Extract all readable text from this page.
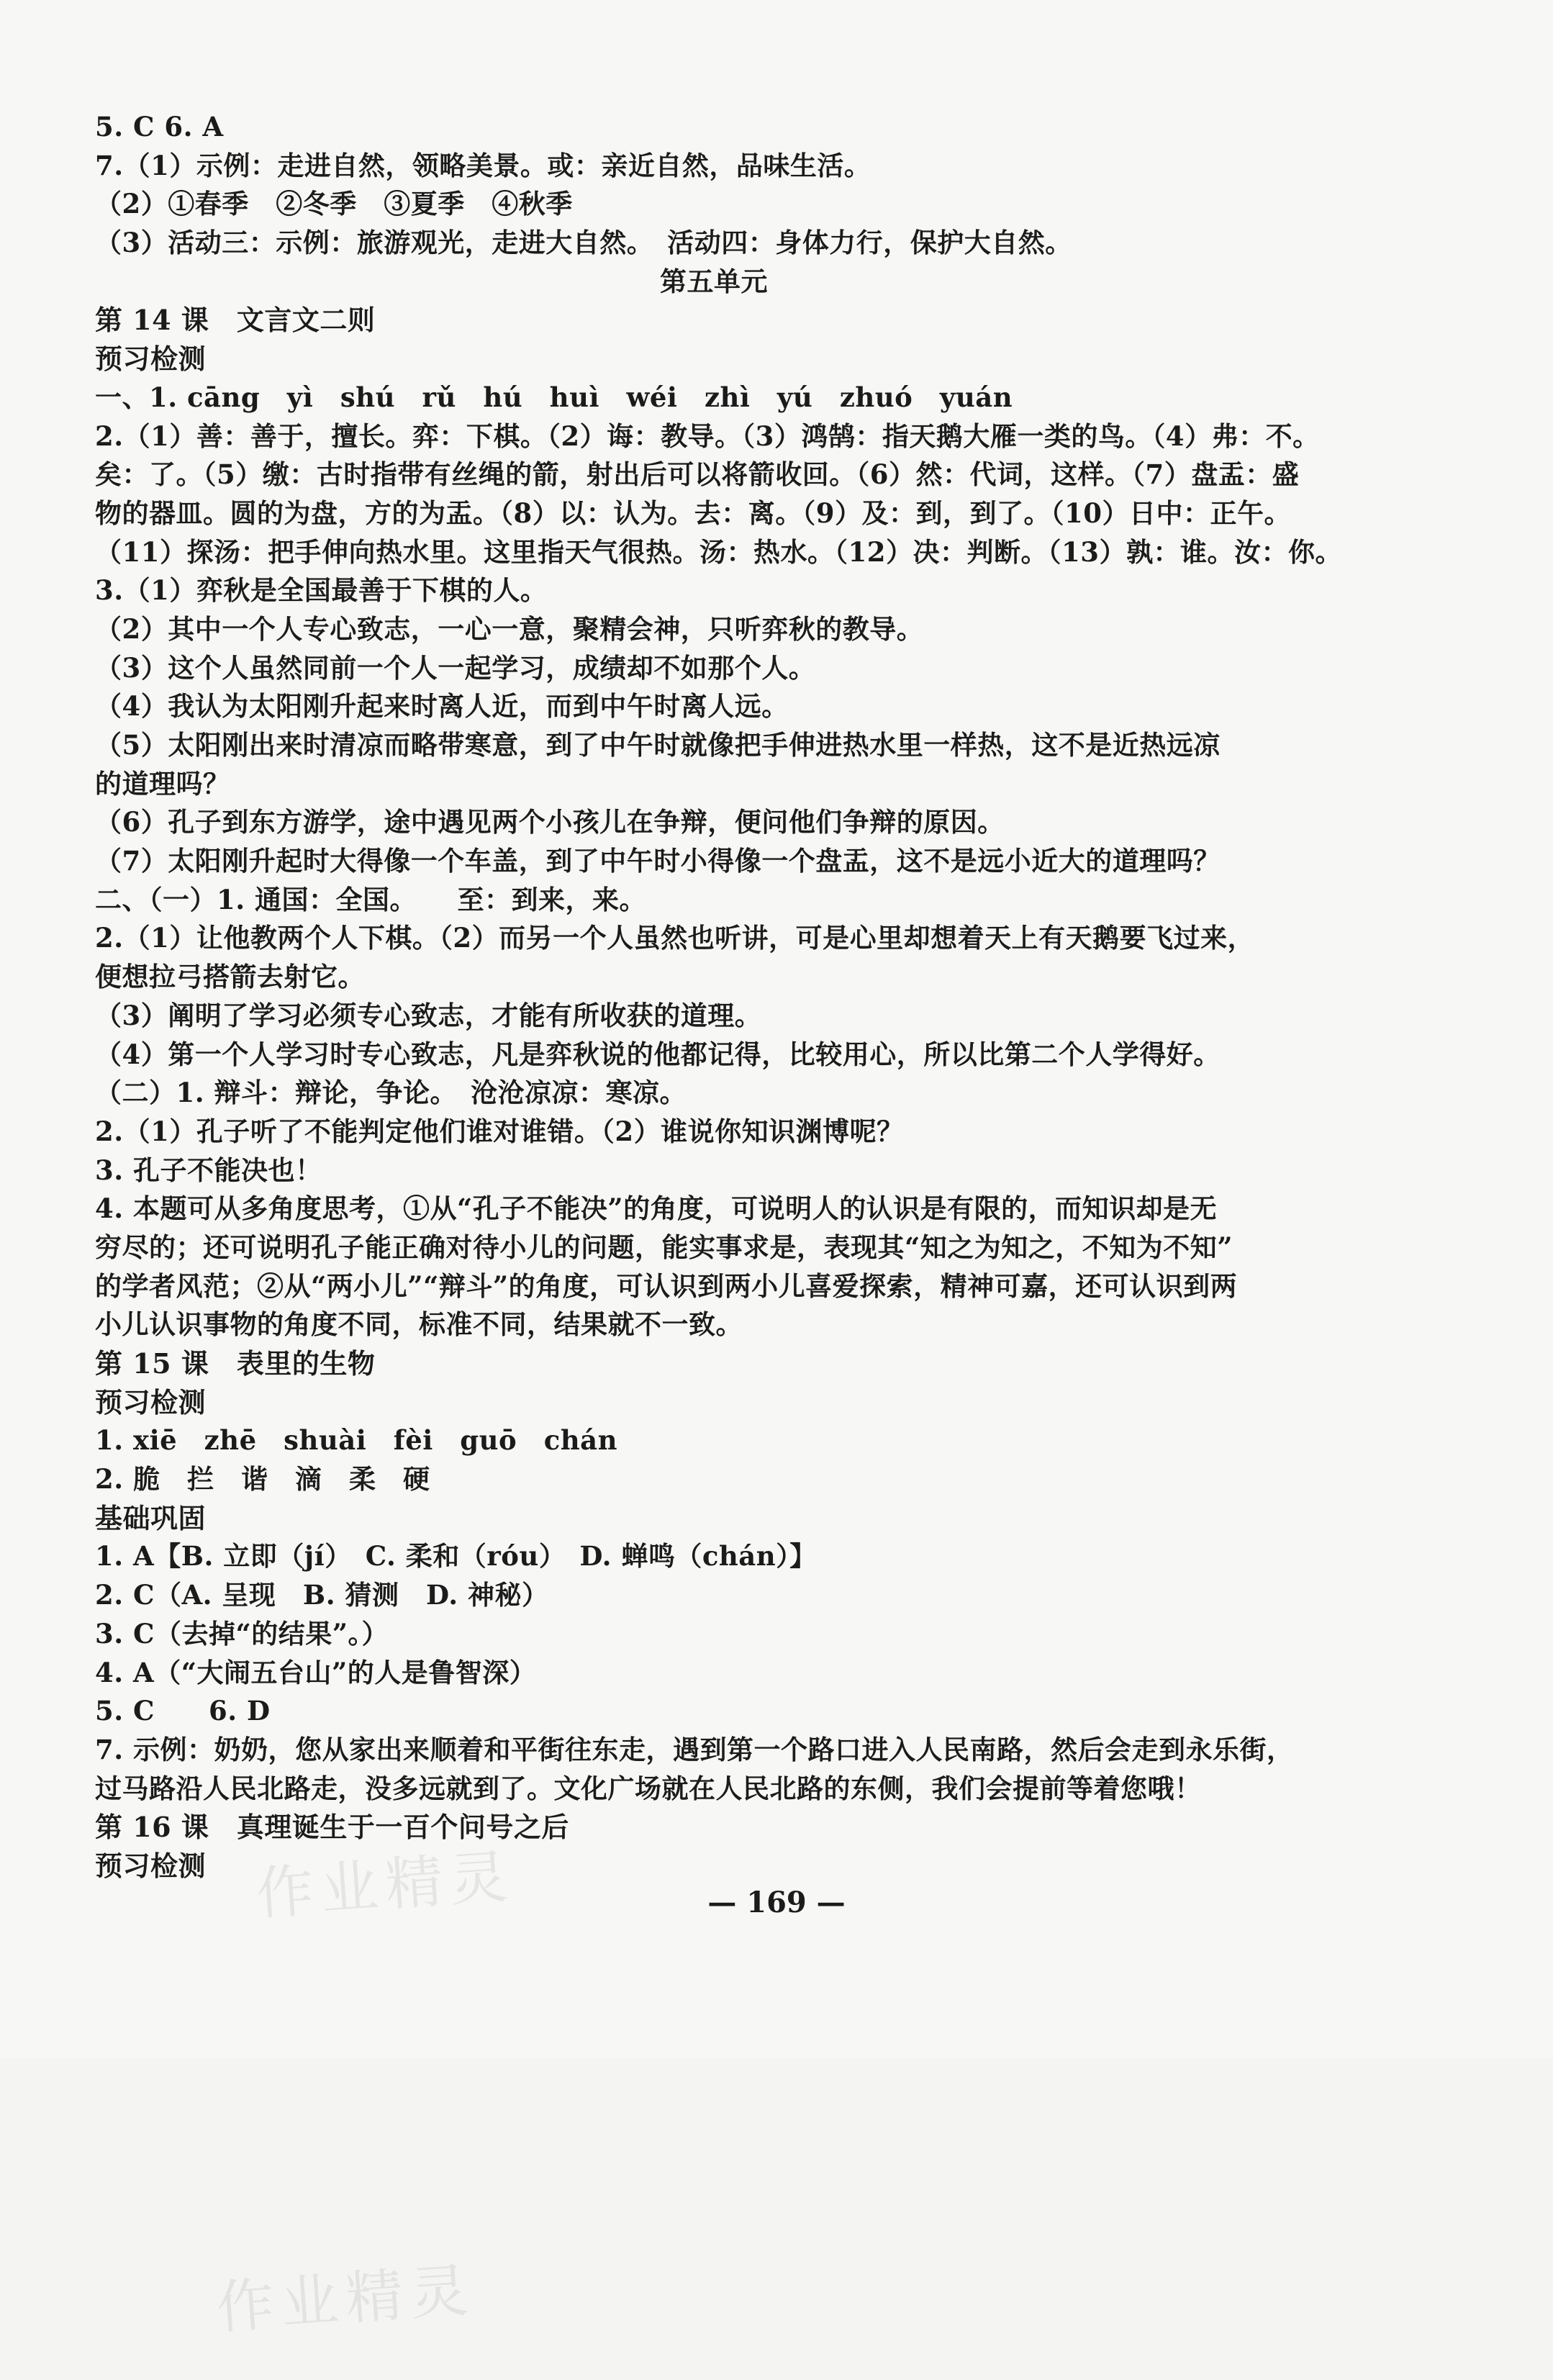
5. C 6. A
7.（1）示例：走进自然，领略美景。或：亲近自然，品味生活。
（2）①春季　②冬季　③夏季　④秋季
（3）活动三：示例：旅游观光，走进大自然。　活动四：身体力行，保护大自然。
第五单元
第 14 课　文言文二则
预习检测
一、1. cāng　yì　shú　rǔ　hú　huì　wéi　zhì　yú　zhuó　yuán
2.（1）善：善于，擅长。弈：下棋。（2）诲：教导。（3）鸿鹄：指天鹅大雁一类的鸟。（4）弗：不。
矣：了。（5）缴：古时指带有丝绳的箭，射出后可以将箭收回。（6）然：代词，这样。（7）盘盂：盛
物的器皿。圆的为盘，方的为盂。（8）以：认为。去：离。（9）及：到，到了。（10）日中：正午。
（11）探汤：把手伸向热水里。这里指天气很热。汤：热水。（12）决：判断。（13）孰：谁。汝：你。
3.（1）弈秋是全国最善于下棋的人。
（2）其中一个人专心致志，一心一意，聚精会神，只听弈秋的教导。
（3）这个人虽然同前一个人一起学习，成绩却不如那个人。
（4）我认为太阳刚升起来时离人近，而到中午时离人远。
（5）太阳刚出来时清凉而略带寒意，到了中午时就像把手伸进热水里一样热，这不是近热远凉
的道理吗？
（6）孔子到东方游学，途中遇见两个小孩儿在争辩，便问他们争辩的原因。
（7）太阳刚升起时大得像一个车盖，到了中午时小得像一个盘盂，这不是远小近大的道理吗？
二、（一）1. 通国：全国。　　至：到来，来。
2.（1）让他教两个人下棋。（2）而另一个人虽然也听讲，可是心里却想着天上有天鹅要飞过来，
便想拉弓搭箭去射它。
（3）阐明了学习必须专心致志，才能有所收获的道理。
（4）第一个人学习时专心致志，凡是弈秋说的他都记得，比较用心，所以比第二个人学得好。
（二）1. 辩斗：辩论，争论。　沧沧凉凉：寒凉。
2.（1）孔子听了不能判定他们谁对谁错。（2）谁说你知识渊博呢？
3. 孔子不能决也！
4. 本题可从多角度思考，①从“孔子不能决”的角度，可说明人的认识是有限的，而知识却是无
穷尽的；还可说明孔子能正确对待小儿的问题，能实事求是，表现其“知之为知之，不知为不知”
的学者风范；②从“两小儿”“辩斗”的角度，可认识到两小儿喜爱探索，精神可嘉，还可认识到两
小儿认识事物的角度不同，标准不同，结果就不一致。
第 15 课　表里的生物
预习检测
1. xiē　zhē　shuài　fèi　guō　chán
2. 脆　拦　谐　滴　柔　硬
基础巩固
1. A【B. 立即（jí）　C. 柔和（róu）　D. 蝉鸣（chán）】
2. C（A. 呈现　B. 猜测　D. 神秘）
3. C（去掉“的结果”。）
4. A（“大闹五台山”的人是鲁智深）
5. C　　6. D
7. 示例：奶奶，您从家出来顺着和平街往东走，遇到第一个路口进入人民南路，然后会走到永乐街，
过马路沿人民北路走，没多远就到了。文化广场就在人民北路的东侧，我们会提前等着您哦！
第 16 课　真理诞生于一百个问号之后
预习检测
— 169 —
作业精灵
作业精灵
